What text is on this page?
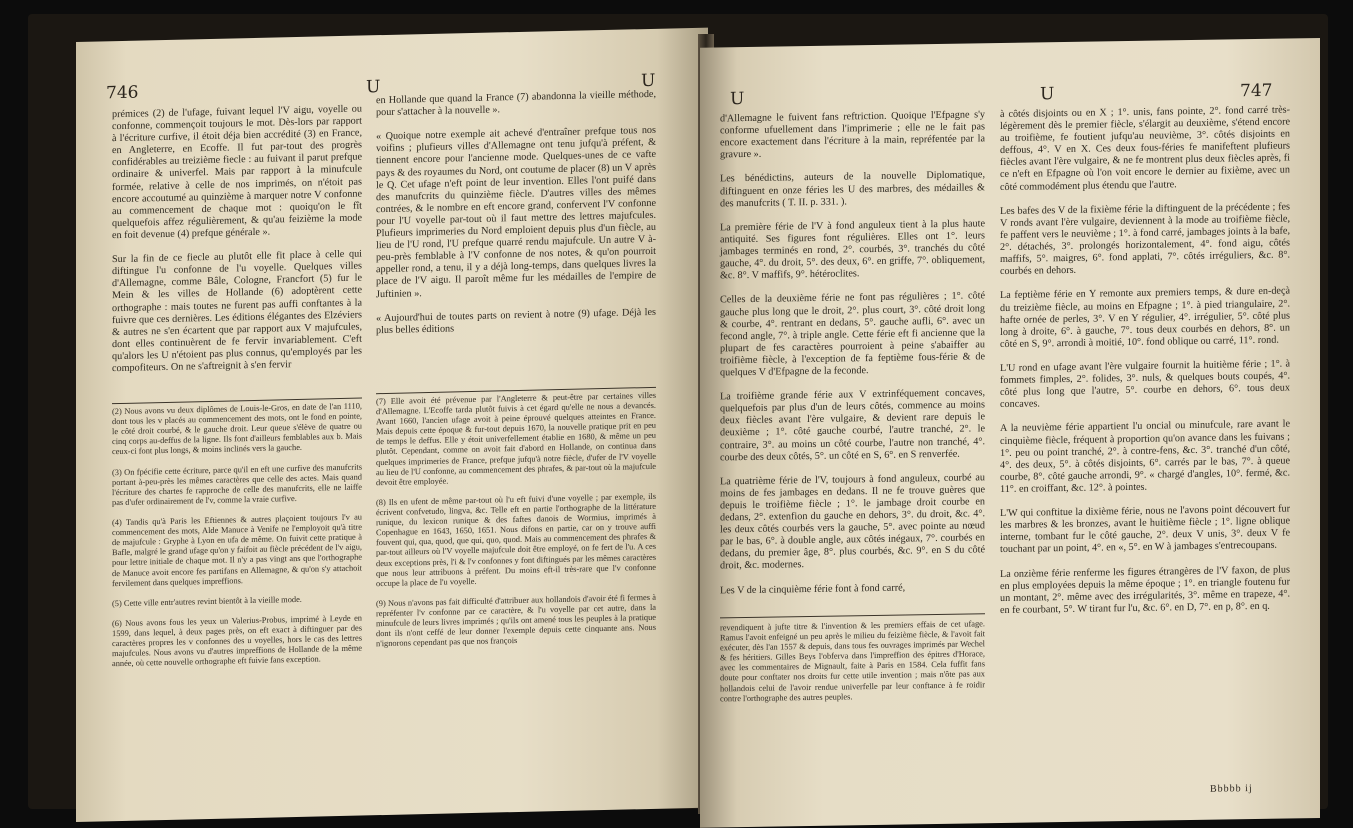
746	U	U
prémices (2) de l'ufage, fuivant lequel l'V aigu, voyelle ou confonne, commençoit toujours le mot. Dès-lors par rapport à l'écriture curfive, il étoit déja bien accrédité (3) en France, en Angleterre, en Ecoffe. Il fut par-tout des progrès confidérables au treizième fiecle : au fuivant il parut prefque ordinaire & univerfel. Mais par rapport à la minufcule formée, relative à celle de nos imprimés, on n'étoit pas encore accoutumé au quinzième à marquer notre V confonne au commencement de chaque mot : quoiqu'on le fît quelquefois affez régulièrement, & qu'au feizième la mode en foit devenue (4) prefque générale ».

Sur la fin de ce fiecle au plutôt elle fit place à celle qui diftingue l'u confonne de l'u voyelle. Quelques villes d'Allemagne, comme Bâle, Cologne, Francfort (5) fur le Mein & les villes de Hollande (6) adoptèrent cette orthographe : mais toutes ne furent pas auffi conftantes à la fuivre que ces dernières. Les éditions élégantes des Elzéviers & autres ne s'en écartent que par rapport aux V majufcules, dont elles continuèrent de fe fervir invariablement. C'eft qu'alors les U n'étoient pas plus connus, qu'employés par les compofiteurs. On ne s'aftreignit à s'en fervir
(2) Nous avons vu deux diplômes de Louis-le-Gros, en date de l'an 1110, dont tous les v placés au commencement des mots, ont le fond en pointe, le côté droit courbé, & le gauche droit. Leur queue s'élève de quatre ou cinq corps au-deffus de la ligne. Ils font d'ailleurs femblables aux b. Mais ceux-ci font plus longs, & moins inclinés vers la gauche.

(3) On fpécifie cette écriture, parce qu'il en eft une curfive des manufcrits portant à-peu-près les mêmes caractères que celle des actes. Mais quand l'écriture des chartes fe rapproche de celle des manufcrits, elle ne laiffe pas d'ufer ordinairement de l'v, comme la vraie curfive.

(4) Tandis qu'à Paris les Eftiennes & autres plaçoient toujours l'v au commencement des mots, Alde Manuce à Venife ne l'employoit qu'à titre de majufcule : Gryphe à Lyon en ufa de même. On fuivit cette pratique à Bafle, malgré le grand ufage qu'on y faifoit au fiècle précédent de l'v aigu, pour lettre initiale de chaque mot. Il n'y a pas vingt ans que l'orthographe de Manuce avoit encore fes partifans en Allemagne, & qu'on s'y attachoit fervilement dans quelques impreffions.

(5) Cette ville entr'autres revint bientôt à la vieille mode.

(6) Nous avons fous les yeux un Valerius-Probus, imprimé à Leyde en 1599, dans lequel, à deux pages près, on eft exact à diftinguer par des caractères propres les v confonnes des u voyelles, hors le cas des lettres majufcules. Nous avons vu d'autres impreffions de Hollande de la même année, où cette nouvelle orthographe eft fuivie fans exception.
en Hollande que quand la France (7) abandonna la vieille méthode, pour s'attacher à la nouvelle ».

« Quoique notre exemple ait achevé d'entraîner prefque tous nos voifins ; plufieurs villes d'Allemagne ont tenu jufqu'à préfent, & tiennent encore pour l'ancienne mode. Quelques-unes de ce vafte pays & des royaumes du Nord, ont coutume de placer (8) un V après le Q. Cet ufage n'eft point de leur invention. Elles l'ont puifé dans des manufcrits du quinzième fiècle. D'autres villes des mêmes contrées, & le nombre en eft encore grand, confervent l'V confonne pour l'U voyelle par-tout où il faut mettre des lettres majufcules. Plufieurs imprimeries du Nord emploient depuis plus d'un fiècle, au lieu de l'U rond, l'U prefque quarré rendu majufcule. Un autre V à-peu-près femblable à l'V confonne de nos notes, & qu'on pourroit appeller rond, a tenu, il y a déjà long-temps, dans quelques livres la place de l'V aigu. Il paroît même fur les médailles de l'empire de Juftinien ».

« Aujourd'hui de toutes parts on revient à notre (9) ufage. Déjà les plus belles éditions
(7) Elle avoit été prévenue par l'Angleterre & peut-être par certaines villes d'Allemagne. L'Ecoffe tarda plutôt fuivis à cet égard qu'elle ne nous a devancés. Avant 1660, l'ancien ufage avoit à peine éprouvé quelques atteintes en France. Mais depuis cette époque & fur-tout depuis 1670, la nouvelle pratique prit en peu de temps le deffus. Elle y étoit univerfellement établie en 1680, & même un peu plutôt. Cependant, comme on avoit fait d'abord en Hollande, on continua dans quelques imprimeries de France, prefque jufqu'à notre fiècle, d'ufer de l'V voyelle au lieu de l'U confonne, au commencement des phrafes, & par-tout où la majufcule devoit être employée.

(8) Ils en ufent de même par-tout où l'u eft fuivi d'une voyelle ; par exemple, ils écrivent confvetudo, lingva, &c. Telle eft en partie l'orthographe de la littérature runique, du lexicon runique & des faftes danois de Wormius, imprimés à Copenhague en 1643, 1650, 1651. Nous difons en partie, car on y trouve auffi fouvent qui, qua, quod, que qui, quo, quod. Mais au commencement des phrafes & par-tout ailleurs où l'V voyelle majufcule doit être employé, on fe fert de l'u. A ces deux exceptions près, l'i & l'v confonnes y font diftingués par les mêmes caractères que nous leur attribuons à préfent. Du moins eft-il très-rare que l'v confonne occupe la place de l'u voyelle.

(9) Nous n'avons pas fait difficulté d'attribuer aux hollandois d'avoir été fi fermes à repréfenter l'v confonne par ce caractère, & l'u voyelle par cet autre, dans la minufcule de leurs livres imprimés ; qu'ils ont amené tous les peuples à la pratique dont ils n'ont ceffé de leur donner l'exemple depuis cette cinquante ans. Nous n'ignorons cependant pas que nos françois
U	U	747
d'Allemagne le fuivent fans reftriction. Quoique l'Efpagne s'y conforme ufuellement dans l'imprimerie ; elle ne le fait pas encore exactement dans l'écriture à la main, repréfentée par la gravure ».

Les bénédictins, auteurs de la nouvelle Diplomatique, diftinguent en onze féries les U des marbres, des médailles & des manufcrits ( T. II. p. 331. ).

La première férie de l'V à fond anguleux tient à la plus haute antiquité. Ses figures font régulières. Elles ont 1°. leurs jambages terminés en rond, 2°. courbés, 3°. tranchés du côté gauche, 4°. du droit, 5°. des deux, 6°. en griffe, 7°. obliquement, &c. 8°. V maffifs, 9°. hétéroclites.

Celles de la deuxième férie ne font pas régulières ; 1°. côté gauche plus long que le droit, 2°. plus court, 3°. côté droit long & courbe, 4°. rentrant en dedans, 5°. gauche aufli, 6°. avec un fecond angle, 7°. à triple angle. Cette férie eft fi ancienne que la plupart de fes caractères pourroient à peine s'abaiffer au troifième fiècle, à l'exception de fa feptième fous-férie & de quelques V d'Efpagne de la feconde.

La troifième grande férie aux V extrinféquement concaves, quelquefois par plus d'un de leurs côtés, commence au moins deux fiècles avant l'ère vulgaire, & devient rare depuis le deuxième ; 1°. côté gauche courbé, l'autre tranché, 2°. le contraire, 3°. au moins un côté courbe, l'autre non tranché, 4°. courbe des deux côtés, 5°. un côté en S, 6°. en S renverfée.

La quatrième férie de l'V, toujours à fond anguleux, courbé au moins de fes jambages en dedans. Il ne fe trouve guères que depuis le troifième fiècle ; 1°. le jambage droit courbe en dedans, 2°. extenfion du gauche en dehors, 3°. du droit, &c. 4°. les deux côtés courbés vers la gauche, 5°. avec pointe au nœud par le bas, 6°. à double angle, aux côtés inégaux, 7°. courbés en dedans, du premier âge, 8°. plus courbés, &c. 9°. en S du côté droit, &c. modernes.

Les V de la cinquième férie font à fond carré,
revendiquent à jufte titre & l'invention & les premiers effais de cet ufage. Ramus l'avoit enfeigné un peu après le milieu du feizième fiècle, & l'avoit fait exécuter, dès l'an 1557 & depuis, dans tous fes ouvrages imprimés par Wechel & fes héritiers. Gilles Beys l'obferva dans l'impreffion des épitres d'Horace, avec les commentaires de Mignault, faite à Paris en 1584. Cela fuffit fans doute pour conftater nos droits fur cette utile invention ; mais n'ôte pas aux hollandois celui de l'avoir rendue univerfelle par leur conftance à fe roidir contre l'orthographe des autres peuples.
à côtés disjoints ou en X ; 1°. unis, fans pointe, 2°. fond carré très-légèrement dès le premier fiècle, s'élargit au deuxième, s'étend encore au troifième, fe foutient jufqu'au neuvième, 3°. côtés disjoints en deffous, 4°. V en X. Ces deux fous-féries fe manifeftent plufieurs fiècles avant l'ère vulgaire, & ne fe montrent plus deux fiècles après, fi ce n'eft en Efpagne où l'on voit encore le dernier au fixième, avec un côté commodément plus étendu que l'autre.

Les bafes des V de la fixième férie la diftinguent de la précédente ; fes V ronds avant l'ère vulgaire, deviennent à la mode au troifième fiècle, fe paffent vers le neuvième ; 1°. à fond carré, jambages joints à la bafe, 2°. détachés, 3°. prolongés horizontalement, 4°. fond aigu, côtés maffifs, 5°. maigres, 6°. fond applati, 7°. côtés irréguliers, &c. 8°. courbés en dehors.

La feptième férie en Y remonte aux premiers temps, & dure en-deçà du treizième fiècle, au moins en Efpagne ; 1°. à pied triangulaire, 2°. hafte ornée de perles, 3°. V en Y régulier, 4°. irrégulier, 5°. côté plus long à droite, 6°. à gauche, 7°. tous deux courbés en dehors, 8°. un côté en S, 9°. arrondi à moitié, 10°. fond oblique ou carré, 11°. rond.

L'U rond en ufage avant l'ère vulgaire fournit la huitième férie ; 1°. à fommets fimples, 2°. folides, 3°. nuls, & quelques bouts coupés, 4°. côté plus long que l'autre, 5°. courbe en dehors, 6°. tous deux concaves.

A la neuvième férie appartient l'u oncial ou minufcule, rare avant le cinquième fiècle, fréquent à proportion qu'on avance dans les fuivans ; 1°. peu ou point tranché, 2°. à contre-fens, &c. 3°. tranché d'un côté, 4°. des deux, 5°. à côtés disjoints, 6°. carrés par le bas, 7°. à queue courbe, 8°. côté gauche arrondi, 9°. « chargé d'angles, 10°. fermé, &c. 11°. en croiffant, &c. 12°. à pointes.

L'W qui conftitue la dixième férie, nous ne l'avons point découvert fur les marbres & les bronzes, avant le huitième fiècle ; 1°. ligne oblique interne, tombant fur le côté gauche, 2°. deux V unis, 3°. deux V fe touchant par un point, 4°. en «, 5°. en W à jambages s'entrecoupans.

La onzième férie renferme les figures étrangères de l'V faxon, de plus en plus employées depuis la même époque ; 1°. en triangle foutenu fur un montant, 2°. même avec des irrégularités, 3°. même en trapeze, 4°. en fe courbant, 5°. W tirant fur l'u, &c. 6°. en D, 7°. en p, 8°. en q.
Bbbbb ij
